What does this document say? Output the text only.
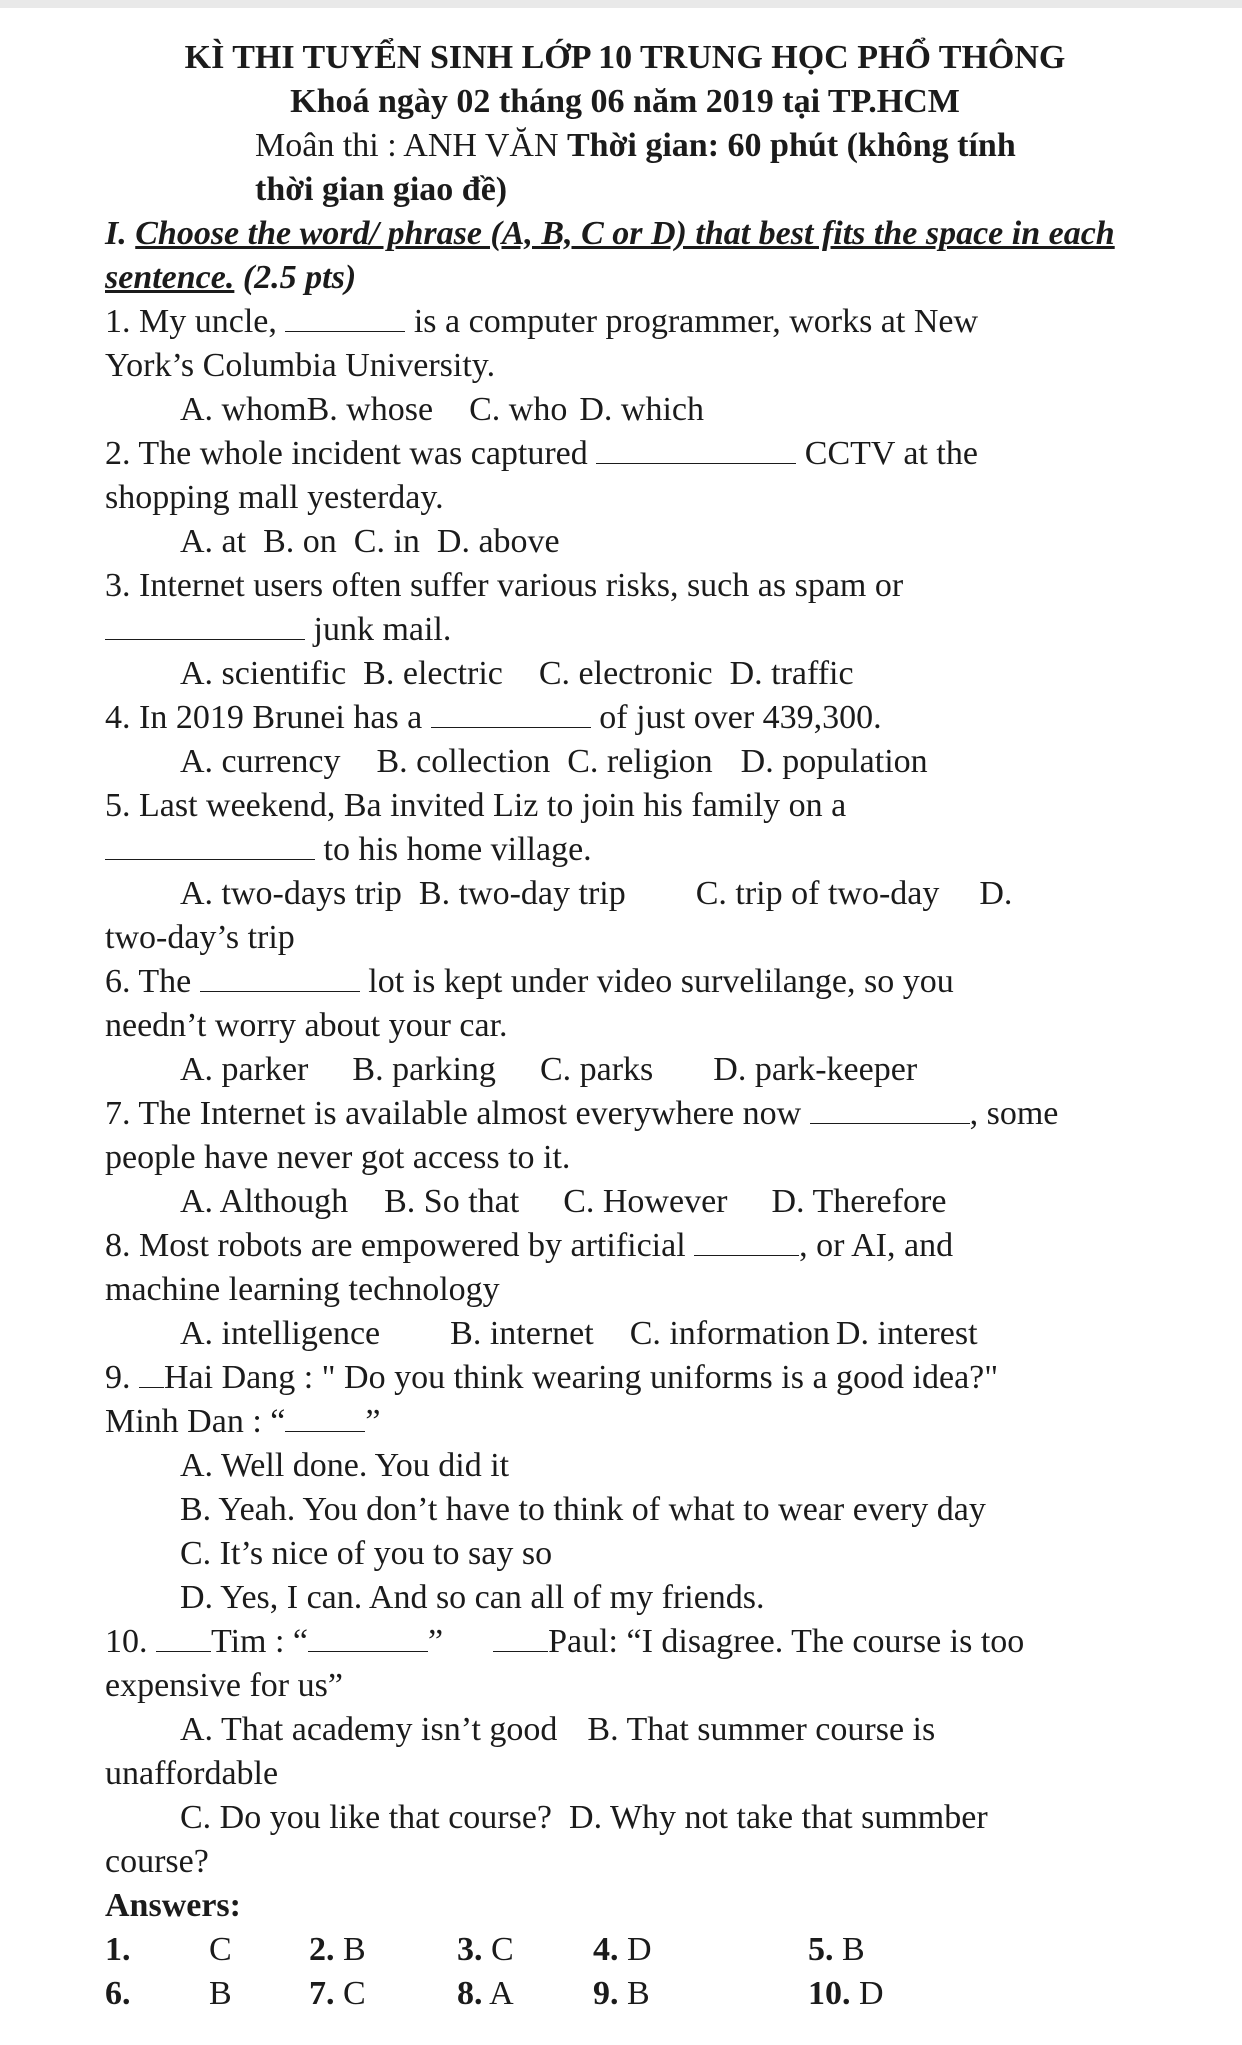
KÌ THI TUYỂN SINH LỚP 10 TRUNG HỌC PHỔ THÔNG
Khoá ngày 02 tháng 06 năm 2019 tại TP.HCM
Moân thi : ANH VĂN Thời gian: 60 phút (không tính
thời gian giao đề)
I. Choose the word/ phrase (A, B, C or D) that best fits the space in each sentence. (2.5 pts)
1. My uncle,	is a computer programmer, works at New
York’s Columbia University.
A. whomB. whose C. who D. which
2. The whole incident was captured	CCTV at the
shopping mall yesterday.
A. at B. on C. in D. above
3. Internet users often suffer various risks, such as spam or
junk mail.
A. scientific B. electric C. electronic D. traffic
4. In 2019 Brunei has a	of just over 439,300.
A. currency B. collection C. religion D. population
5. Last weekend, Ba invited Liz to join his family on a
to his home village.
A. two-days trip B. two-day trip C. trip of two-day D.
two-day’s trip
6. The	lot is kept under video survelilange, so you
needn’t worry about your car.
A. parker B. parking C. parks D. park-keeper
7. The Internet is available almost everywhere now	, some
people have never got access to it.
A. Although B. So that C. However D. Therefore
8. Most robots are empowered by artificial	, or AI, and
machine learning technology
A. intelligence B. internet C. information D. interest
9. Hai Dang : " Do you think wearing uniforms is a good idea?"
Minh Dan : “ ”
A. Well done. You did it
B. Yeah. You don’t have to think of what to wear every day
C. It’s nice of you to say so
D. Yes, I can. And so can all of my friends.
10. Tim : “	”	Paul: “I disagree. The course is too
expensive for us”
A. That academy isn’t good B. That summer course is
unaffordable
C. Do you like that course? D. Why not take that summber
course?
Answers:
1.	C	2. B	3. C	4. D	5. B
6.	B	7. C	8. A	9. B	10. D
